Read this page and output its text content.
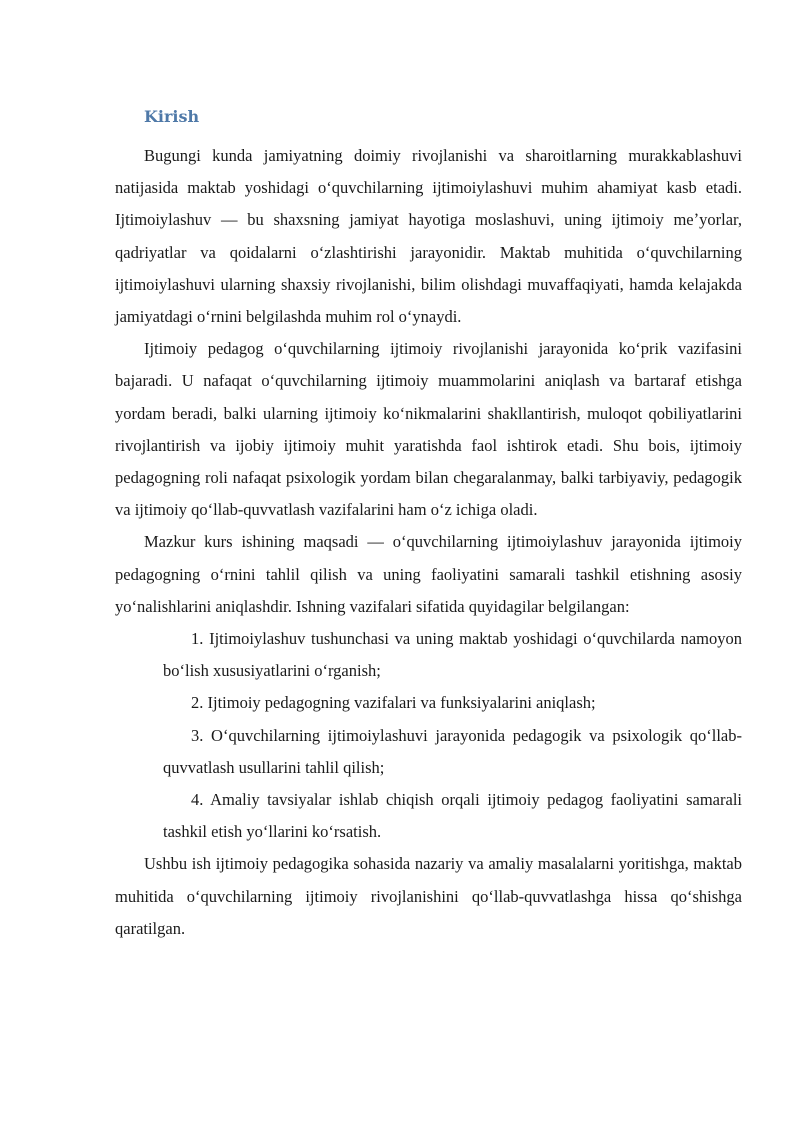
Kirish

Bugungi kunda jamiyatning doimiy rivojlanishi va sharoitlarning murakkablashuvi natijasida maktab yoshidagi oʻquvchilarning ijtimoiylashuvi muhim ahamiyat kasb etadi. Ijtimoiylashuv — bu shaxsning jamiyat hayotiga moslashuvi, uning ijtimoiy meʼyorlar, qadriyatlar va qoidalarni oʻzlashtirishi jarayonidir. Maktab muhitida oʻquvchilarning ijtimoiylashuvi ularning shaxsiy rivojlanishi, bilim olishdagi muvaffaqiyati, hamda kelajakda jamiyatdagi oʻrnini belgilashda muhim rol oʻynaydi.

Ijtimoiy pedagog oʻquvchilarning ijtimoiy rivojlanishi jarayonida koʻprik vazifasini bajaradi. U nafaqat oʻquvchilarning ijtimoiy muammolarini aniqlash va bartaraf etishga yordam beradi, balki ularning ijtimoiy koʻnikmalarini shakllantirish, muloqot qobiliyatlarini rivojlantirish va ijobiy ijtimoiy muhit yaratishda faol ishtirok etadi. Shu bois, ijtimoiy pedagogning roli nafaqat psixologik yordam bilan chegaralanmay, balki tarbiyaviy, pedagogik va ijtimoiy qoʻllab-quvvatlash vazifalarini ham oʻz ichiga oladi.

Mazkur kurs ishining maqsadi — oʻquvchilarning ijtimoiylashuv jarayonida ijtimoiy pedagogning oʻrnini tahlil qilish va uning faoliyatini samarali tashkil etishning asosiy yoʻnalishlarini aniqlashdir. Ishning vazifalari sifatida quyidagilar belgilangan:

1. Ijtimoiylashuv tushunchasi va uning maktab yoshidagi oʻquvchilarda namoyon boʻlish xususiyatlarini oʻrganish;
2. Ijtimoiy pedagogning vazifalari va funksiyalarini aniqlash;
3. Oʻquvchilarning ijtimoiylashuvi jarayonida pedagogik va psixologik qoʻllab-quvvatlash usullarini tahlil qilish;
4. Amaliy tavsiyalar ishlab chiqish orqali ijtimoiy pedagog faoliyatini samarali tashkil etish yoʻllarini koʻrsatish.

Ushbu ish ijtimoiy pedagogika sohasida nazariy va amaliy masalalarni yoritishga, maktab muhitida oʻquvchilarning ijtimoiy rivojlanishini qoʻllab-quvvatlashga hissa qoʻshishga qaratilgan.
